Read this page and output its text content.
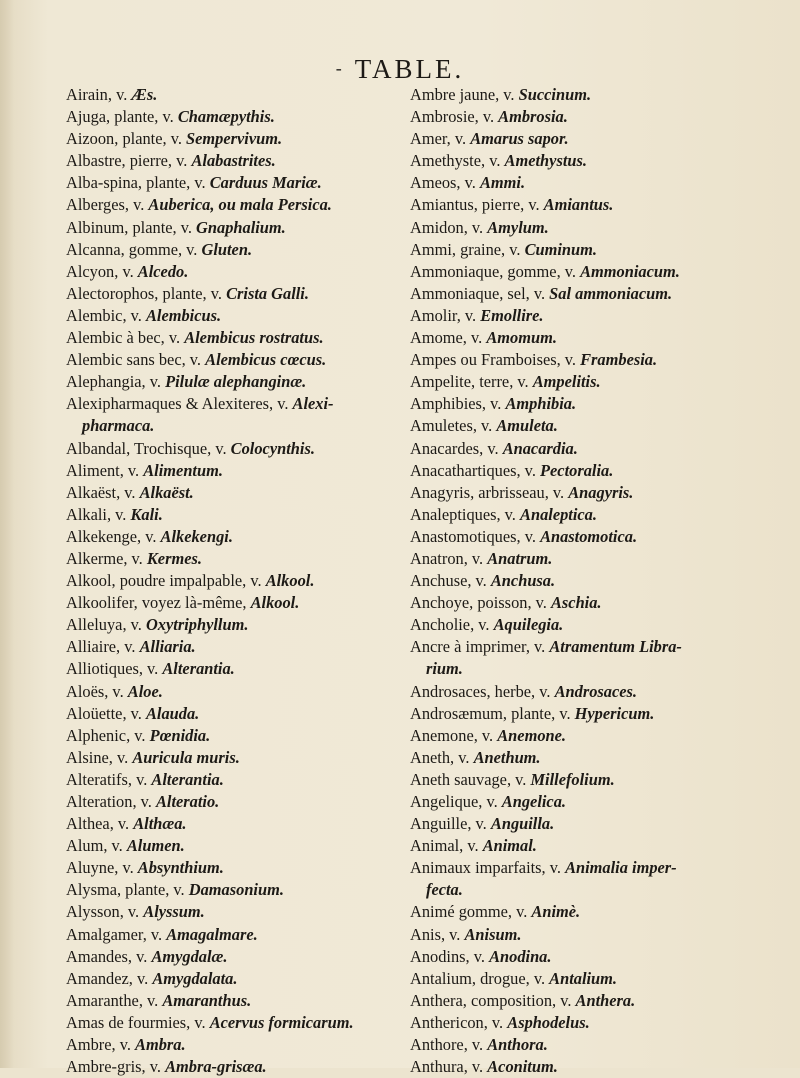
- TABLE.
Airain, v. Æs.
Ajuga, plante, v. Chamæpythis.
Aizoon, plante, v. Sempervivum.
Albastre, pierre, v. Alabastrites.
Alba-spina, plante, v. Carduus Mariæ.
Alberges, v. Auberica, ou mala Persica.
Albinum, plante, v. Gnaphalium.
Alcanna, gomme, v. Gluten.
Alcyon, v. Alcedo.
Alectorophos, plante, v. Crista Galli.
Alembic, v. Alembicus.
Alembic à bec, v. Alembicus rostratus.
Alembic sans bec, v. Alembicus cœcus.
Alephangia, v. Pilulæ alephanginæ.
Alexipharmaques & Alexiteres, v. Alexi-
pharmaca.
Albandal, Trochisque, v. Colocynthis.
Aliment, v. Alimentum.
Alkaëst, v. Alkaëst.
Alkali, v. Kali.
Alkekenge, v. Alkekengi.
Alkerme, v. Kermes.
Alkool, poudre impalpable, v. Alkool.
Alkoolifer, voyez là-même, Alkool.
Alleluya, v. Oxytriphyllum.
Alliaire, v. Alliaria.
Alliotiques, v. Alterantia.
Aloës, v. Aloe.
Aloüette, v. Alauda.
Alphenic, v. Pœnidia.
Alsine, v. Auricula muris.
Alteratifs, v. Alterantia.
Alteration, v. Alteratio.
Althea, v. Althæa.
Alum, v. Alumen.
Aluyne, v. Absynthium.
Alysma, plante, v. Damasonium.
Alysson, v. Alyssum.
Amalgamer, v. Amagalmare.
Amandes, v. Amygdalæ.
Amandez, v. Amygdalata.
Amaranthe, v. Amaranthus.
Amas de fourmies, v. Acervus formicarum.
Ambre, v. Ambra.
Ambre-gris, v. Ambra-grisæa.
Ambre jaune, v. Succinum.
Ambrosie, v. Ambrosia.
Amer, v. Amarus sapor.
Amethyste, v. Amethystus.
Ameos, v. Ammi.
Amiantus, pierre, v. Amiantus.
Amidon, v. Amylum.
Ammi, graine, v. Cuminum.
Ammoniaque, gomme, v. Ammoniacum.
Ammoniaque, sel, v. Sal ammoniacum.
Amolir, v. Emollire.
Amome, v. Amomum.
Ampes ou Framboises, v. Frambesia.
Ampelite, terre, v. Ampelitis.
Amphibies, v. Amphibia.
Amuletes, v. Amuleta.
Anacardes, v. Anacardia.
Anacathartiques, v. Pectoralia.
Anagyris, arbrisseau, v. Anagyris.
Analeptiques, v. Analeptica.
Anastomotiques, v. Anastomotica.
Anatron, v. Anatrum.
Anchuse, v. Anchusa.
Anchoye, poisson, v. Aschia.
Ancholie, v. Aquilegia.
Ancre à imprimer, v. Atramentum Libra-
rium.
Androsaces, herbe, v. Androsaces.
Androsæmum, plante, v. Hypericum.
Anemone, v. Anemone.
Aneth, v. Anethum.
Aneth sauvage, v. Millefolium.
Angelique, v. Angelica.
Anguille, v. Anguilla.
Animal, v. Animal.
Animaux imparfaits, v. Animalia imper-
fecta.
Animé gomme, v. Animè.
Anis, v. Anisum.
Anodins, v. Anodina.
Antalium, drogue, v. Antalium.
Anthera, composition, v. Anthera.
Anthericon, v. Asphodelus.
Anthore, v. Anthora.
Anthura, v. Aconitum.
